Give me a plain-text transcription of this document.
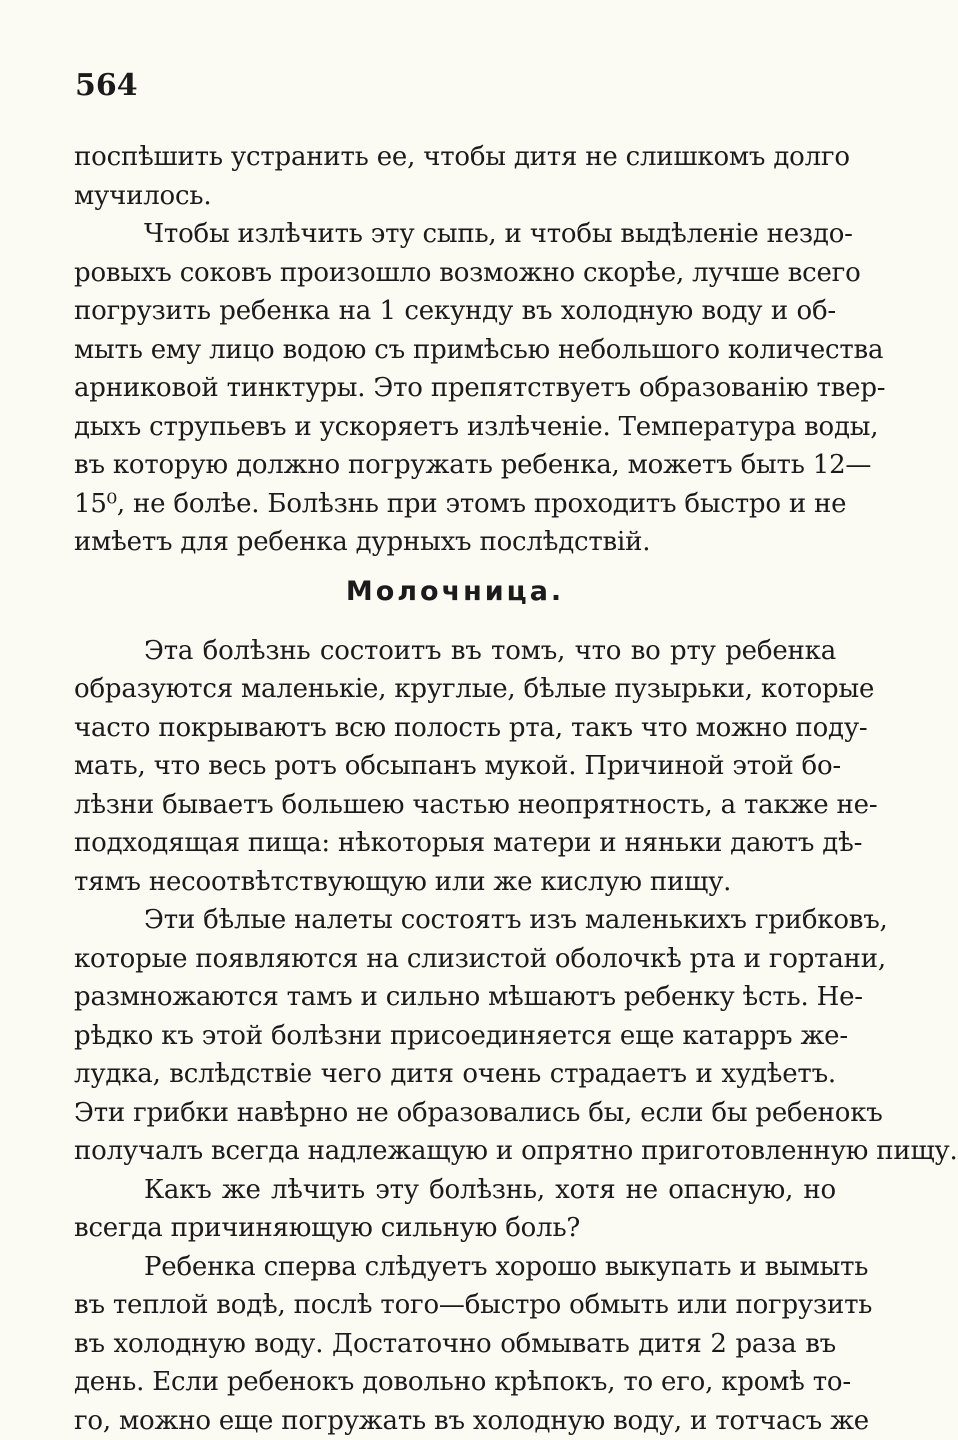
564
поспѣшить устранить ее, чтобы дитя не слишкомъ долго
мучилось.
Чтобы излѣчить эту сыпь, и чтобы выдѣленіе нездо-
ровыхъ соковъ произошло возможно скорѣе, лучше всего
погрузить ребенка на 1 секунду въ холодную воду и об-
мыть ему лицо водою съ примѣсью небольшого количества
арниковой тинктуры. Это препятствуетъ образованію твер-
дыхъ струпьевъ и ускоряетъ излѣченіе. Температура воды,
въ которую должно погружать ребенка, можетъ быть 12—
15⁰, не болѣе. Болѣзнь при этомъ проходитъ быстро и не
имѣетъ для ребенка дурныхъ послѣдствій.
Молочница.
Эта болѣзнь состоитъ въ томъ, что во рту ребенка
образуются маленькіе, круглые, бѣлые пузырьки, которые
часто покрываютъ всю полость рта, такъ что можно поду-
мать, что весь ротъ обсыпанъ мукой. Причиной этой бо-
лѣзни бываетъ большею частью неопрятность, а также не-
подходящая пища: нѣкоторыя матери и няньки даютъ дѣ-
тямъ несоотвѣтствующую или же кислую пищу.
Эти бѣлые налеты состоятъ изъ маленькихъ грибковъ,
которые появляются на слизистой оболочкѣ рта и гортани,
размножаются тамъ и сильно мѣшаютъ ребенку ѣсть. Не-
рѣдко къ этой болѣзни присоединяется еще катарръ же-
лудка, вслѣдствіе чего дитя очень страдаетъ и худѣетъ.
Эти грибки навѣрно не образовались бы, если бы ребенокъ
получалъ всегда надлежащую и опрятно приготовленную пищу.
Какъ же лѣчить эту болѣзнь, хотя не опасную, но
всегда причиняющую сильную боль?
Ребенка сперва слѣдуетъ хорошо выкупать и вымыть
въ теплой водѣ, послѣ того—быстро обмыть или погрузить
въ холодную воду. Достаточно обмывать дитя 2 раза въ
день. Если ребенокъ довольно крѣпокъ, то его, кромѣ то-
го, можно еще погружать въ холодную воду, и тотчасъ же
